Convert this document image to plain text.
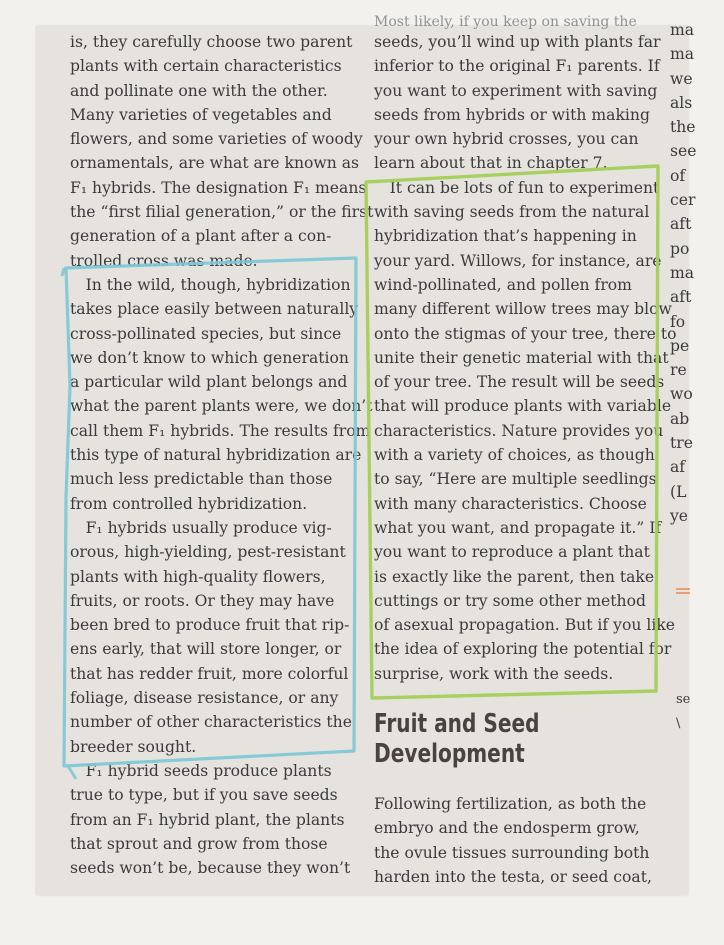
is, they carefully choose two parent
plants with certain characteristics
and pollinate one with the other.
Many varieties of vegetables and
flowers, and some varieties of woody
ornamentals, are what are known as
F₁ hybrids. The designation F₁ means
the “first filial generation,” or the first
generation of a plant after a con-
trolled cross was made.
 In the wild, though, hybridization
takes place easily between naturally
cross-pollinated species, but since
we don’t know to which generation
a particular wild plant belongs and
what the parent plants were, we don’t
call them F₁ hybrids. The results from
this type of natural hybridization are
much less predictable than those
from controlled hybridization.
 F₁ hybrids usually produce vig-
orous, high-yielding, pest-resistant
plants with high-quality flowers,
fruits, or roots. Or they may have
been bred to produce fruit that rip-
ens early, that will store longer, or
that has redder fruit, more colorful
foliage, disease resistance, or any
number of other characteristics the
breeder sought.
 F₁ hybrid seeds produce plants
true to type, but if you save seeds
from an F₁ hybrid plant, the plants
that sprout and grow from those
seeds won’t be, because they won’t
Most likely, if you keep on saving the
seeds, you’ll wind up with plants far
inferior to the original F₁ parents. If
you want to experiment with saving
seeds from hybrids or with making
your own hybrid crosses, you can
learn about that in chapter 7.
 It can be lots of fun to experiment
with saving seeds from the natural
hybridization that’s happening in
your yard. Willows, for instance, are
wind-pollinated, and pollen from
many different willow trees may blow
onto the stigmas of your tree, there to
unite their genetic material with that
of your tree. The result will be seeds
that will produce plants with variable
characteristics. Nature provides you
with a variety of choices, as though
to say, “Here are multiple seedlings
with many characteristics. Choose
what you want, and propagate it.” If
you want to reproduce a plant that
is exactly like the parent, then take
cuttings or try some other method
of asexual propagation. But if you like
the idea of exploring the potential for
surprise, work with the seeds.
Fruit and Seed
Development
Following fertilization, as both the
embryo and the endosperm grow,
the ovule tissues surrounding both
harden into the testa, or seed coat,
ma
ma
we
als
the
see
of
cer
aft
po
ma
aft
fo
pe
re
wo
ab
tre
af
(L
ye
se
\
